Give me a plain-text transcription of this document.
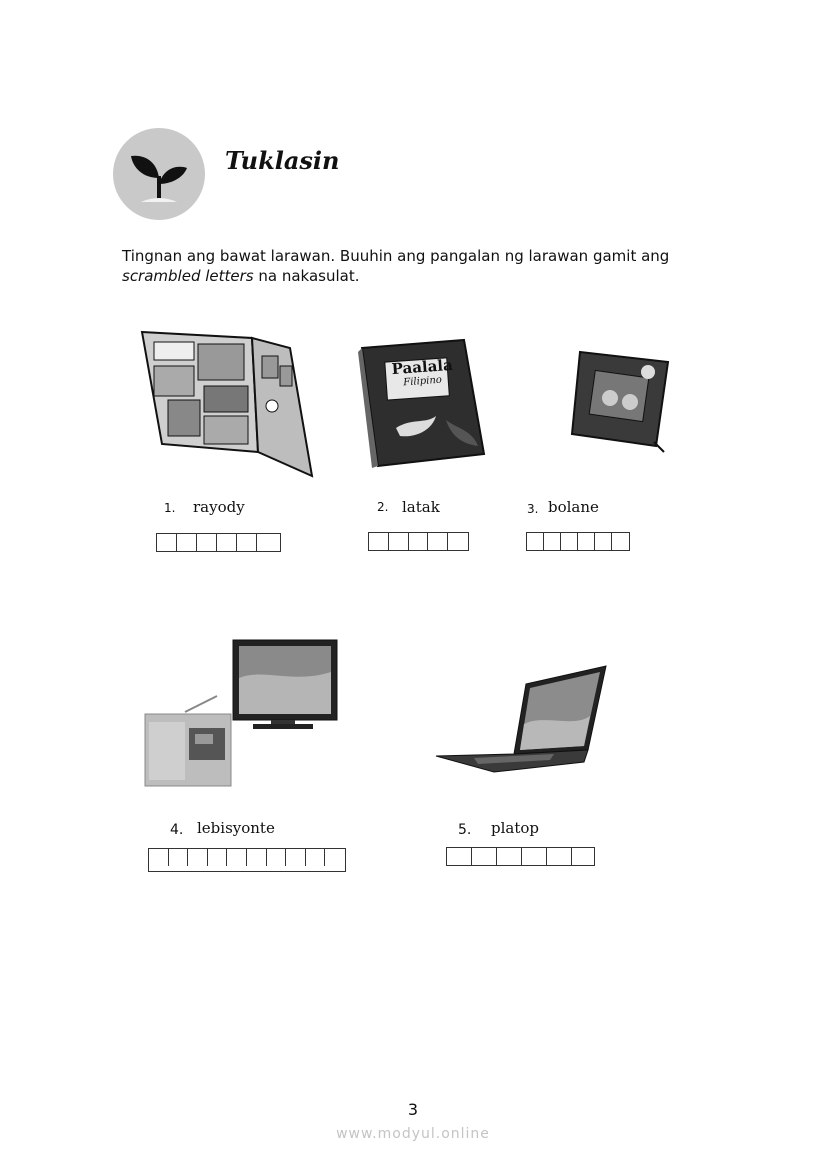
Tuklasin
Tingnan ang bawat larawan. Buuhin ang pangalan ng larawan gamit ang
scrambled letters na nakasulat.
Paalala
Filipino
1. rayody	2. latak	3. bolane
4. lebisyonte	5. platop
3
www.modyul.online
